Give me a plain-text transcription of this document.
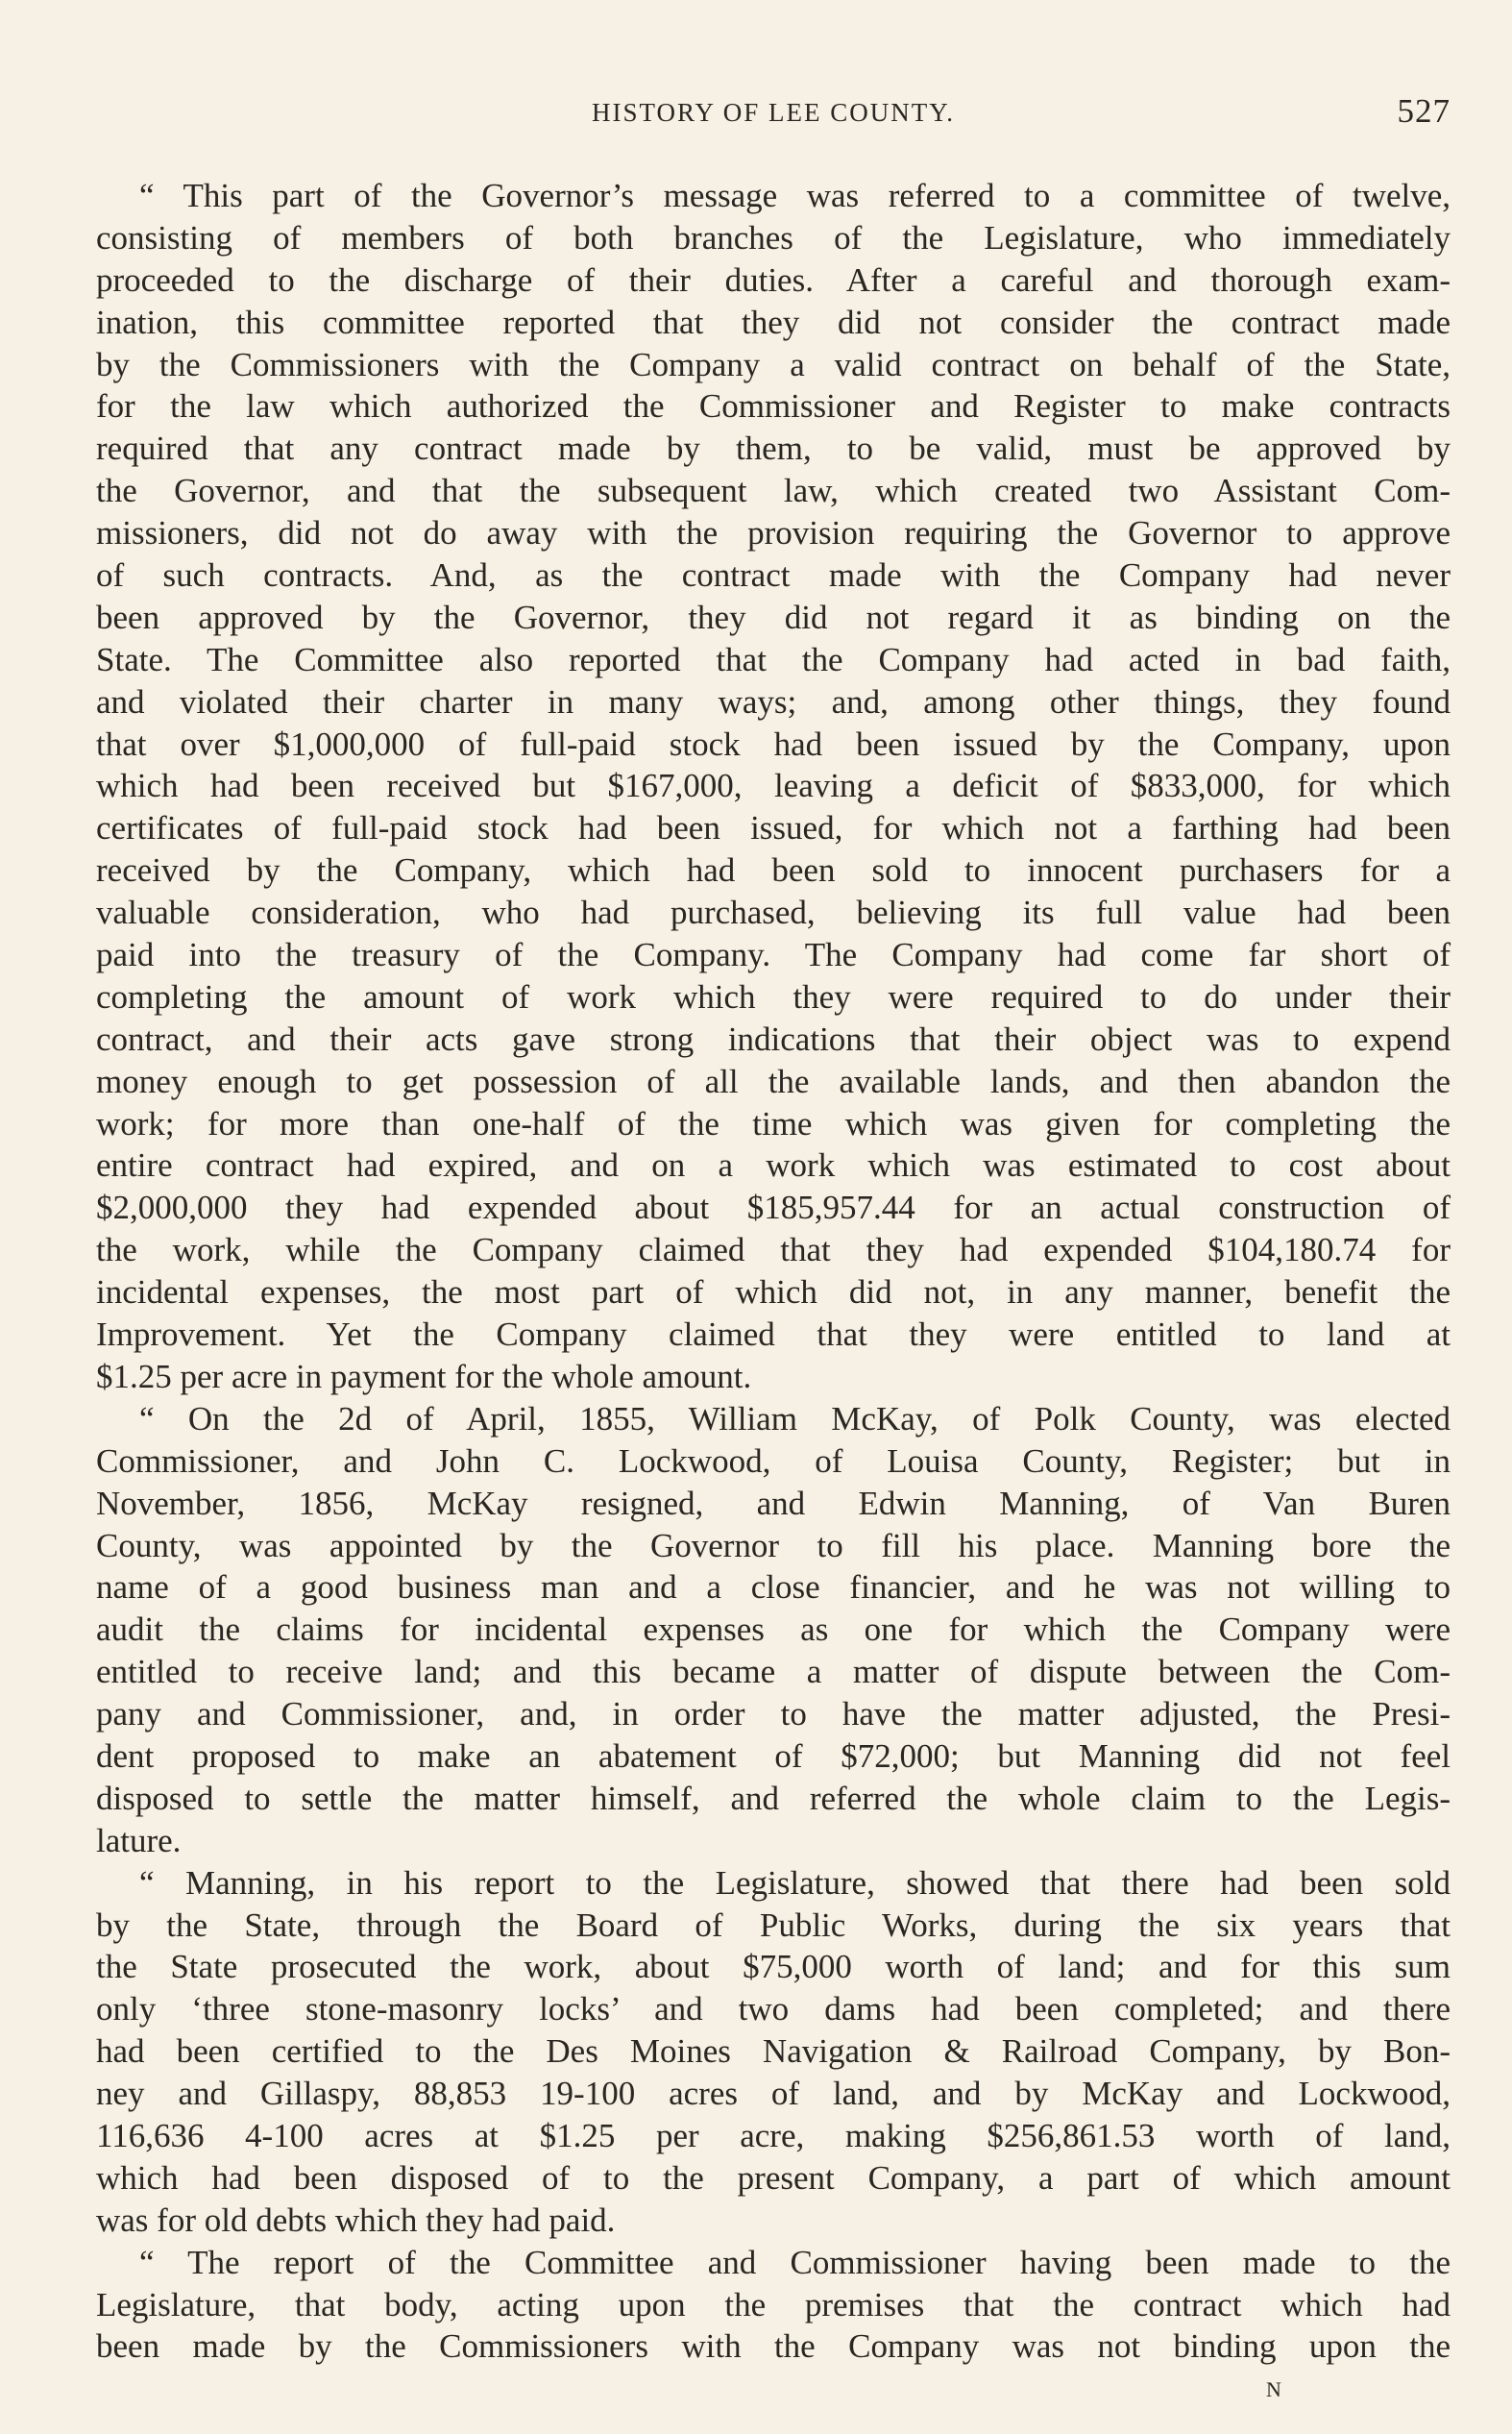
HISTORY OF LEE COUNTY.	527
“ This part of the Governor’s message was referred to a committee of twelve,
consisting of members of both branches of the Legislature, who immediately
proceeded to the discharge of their duties. After a careful and thorough exam-
ination, this committee reported that they did not consider the contract made
by the Commissioners with the Company a valid contract on behalf of the State,
for the law which authorized the Commissioner and Register to make contracts
required that any contract made by them, to be valid, must be approved by
the Governor, and that the subsequent law, which created two Assistant Com-
missioners, did not do away with the provision requiring the Governor to approve
of such contracts. And, as the contract made with the Company had never
been approved by the Governor, they did not regard it as binding on the
State. The Committee also reported that the Company had acted in bad faith,
and violated their charter in many ways; and, among other things, they found
that over $1,000,000 of full-paid stock had been issued by the Company, upon
which had been received but $167,000, leaving a deficit of $833,000, for which
certificates of full-paid stock had been issued, for which not a farthing had been
received by the Company, which had been sold to innocent purchasers for a
valuable consideration, who had purchased, believing its full value had been
paid into the treasury of the Company. The Company had come far short of
completing the amount of work which they were required to do under their
contract, and their acts gave strong indications that their object was to expend
money enough to get possession of all the available lands, and then abandon the
work; for more than one-half of the time which was given for completing the
entire contract had expired, and on a work which was estimated to cost about
$2,000,000 they had expended about $185,957.44 for an actual construction of
the work, while the Company claimed that they had expended $104,180.74 for
incidental expenses, the most part of which did not, in any manner, benefit the
Improvement. Yet the Company claimed that they were entitled to land at
$1.25 per acre in payment for the whole amount.
“ On the 2d of April, 1855, William McKay, of Polk County, was elected
Commissioner, and John C. Lockwood, of Louisa County, Register; but in
November, 1856, McKay resigned, and Edwin Manning, of Van Buren
County, was appointed by the Governor to fill his place. Manning bore the
name of a good business man and a close financier, and he was not willing to
audit the claims for incidental expenses as one for which the Company were
entitled to receive land; and this became a matter of dispute between the Com-
pany and Commissioner, and, in order to have the matter adjusted, the Presi-
dent proposed to make an abatement of $72,000; but Manning did not feel
disposed to settle the matter himself, and referred the whole claim to the Legis-
lature.
“ Manning, in his report to the Legislature, showed that there had been sold
by the State, through the Board of Public Works, during the six years that
the State prosecuted the work, about $75,000 worth of land; and for this sum
only ‘three stone-masonry locks’ and two dams had been completed; and there
had been certified to the Des Moines Navigation & Railroad Company, by Bon-
ney and Gillaspy, 88,853 19-100 acres of land, and by McKay and Lockwood,
116,636 4-100 acres at $1.25 per acre, making $256,861.53 worth of land,
which had been disposed of to the present Company, a part of which amount
was for old debts which they had paid.
“ The report of the Committee and Commissioner having been made to the
Legislature, that body, acting upon the premises that the contract which had
been made by the Commissioners with the Company was not binding upon the
N
